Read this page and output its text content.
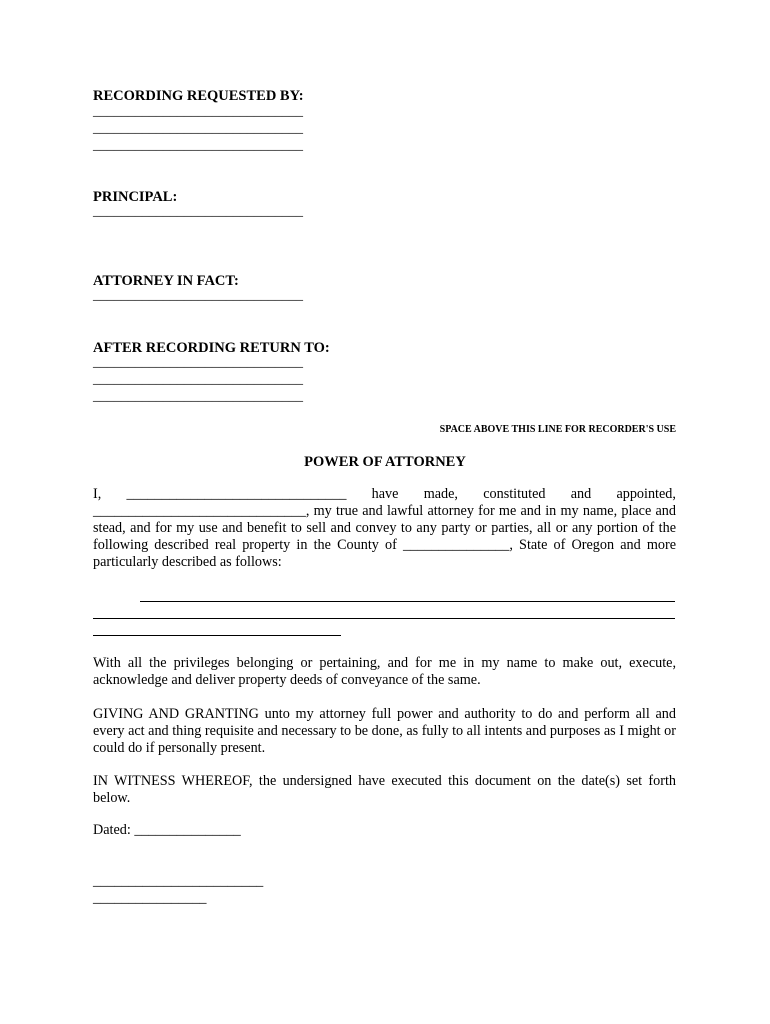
RECORDING REQUESTED BY:
______________________________
______________________________
______________________________
PRINCIPAL:
______________________________
ATTORNEY IN FACT:
______________________________
AFTER RECORDING RETURN TO:
______________________________
______________________________
______________________________
SPACE ABOVE THIS LINE FOR RECORDER'S USE
POWER OF ATTORNEY
I, _______________________________ have made, constituted and appointed,
______________________________, my true and lawful attorney for me and in my name, place and stead, and for my use and benefit to sell and convey to any party or parties, all or any portion of the following described real property in the County of _______________, State of Oregon and more particularly described as follows:
With all the privileges belonging or pertaining, and for me in my name to make out, execute, acknowledge and deliver property deeds of conveyance of the same.
GIVING AND GRANTING unto my attorney full power and authority to do and perform all and every act and thing requisite and necessary to be done, as fully to all intents and purposes as I might or could do if personally present.
IN WITNESS WHEREOF, the undersigned have executed this document on the date(s) set forth below.
Dated: _______________
________________________
________________
